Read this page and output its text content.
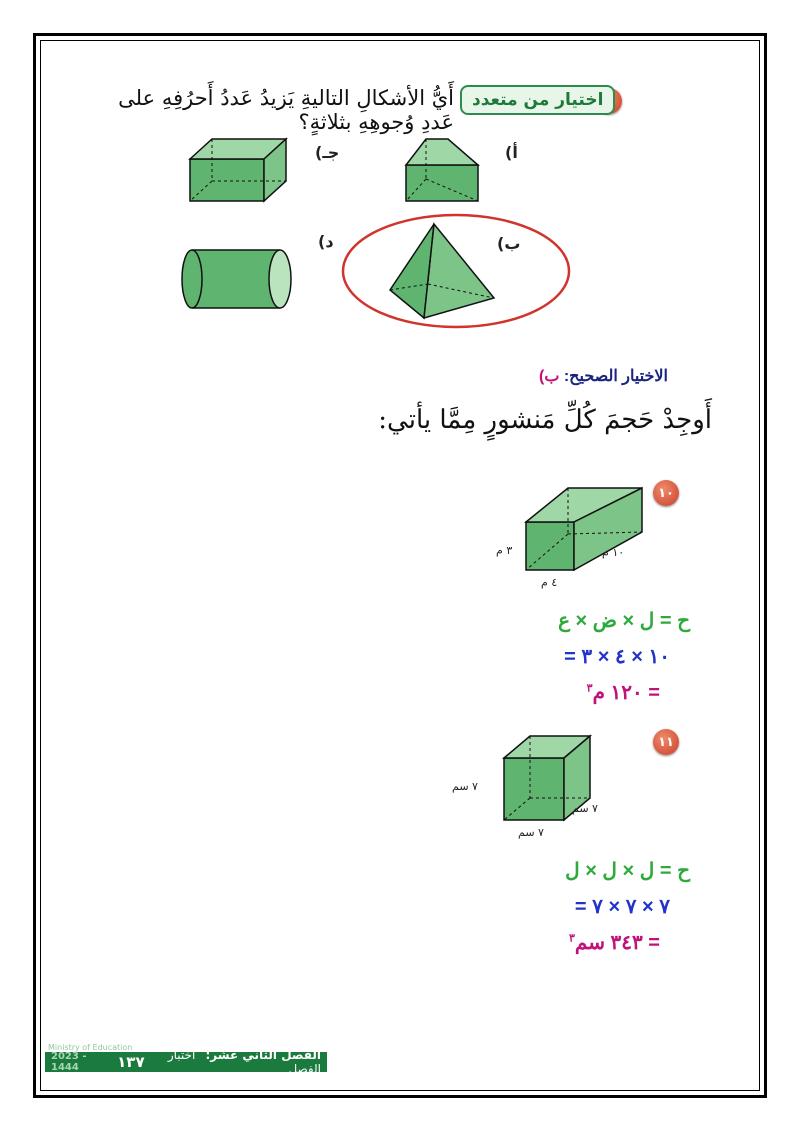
اختيار من متعدد
أَيُّ الأشكالِ التاليةِ يَزيدُ عَددُ أَحرُفِهِ على عَددِ وُجوهِهِ بثلاثةٍ؟
أ)
جـ)
ب)
د)
الاختيار الصحيح: ب)
أَوجِدْ حَجمَ كُلِّ مَنشورٍ مِمَّا يأتي:
١٠
٣ م	١٠ م
٤ م
ح = ل × ض × ع
= ١٠ × ٤ × ٣
= ١٢٠ م$^٣$
١١
٧ سم
٧ سم
٧ سم
ح = ل × ل × ل
= ٧ × ٧ × ٧
= ٣٤٣ سم$^٣$
Ministry of Education
2023 - 1444	١٣٧	الفصل الثاني عشر: اختبار الفصل
